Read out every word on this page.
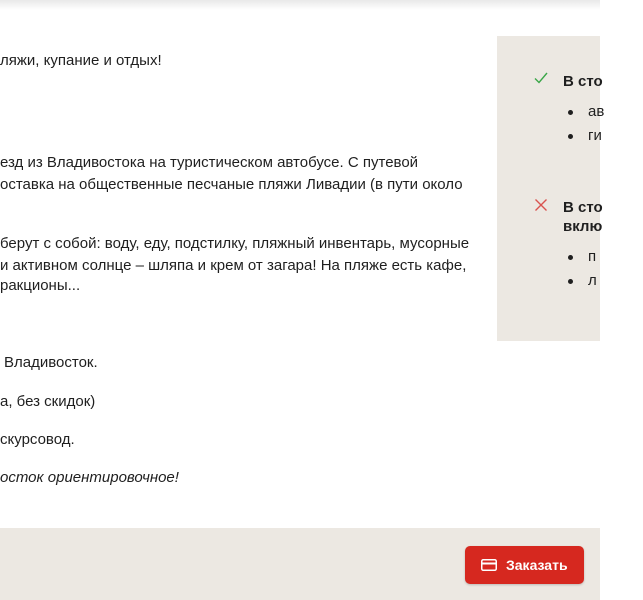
ляжи, купание и отдых!

езд из Владивостока на туристическом автобусе. С путевой

оставка на общественные песчаные пляжи Ливадии (в пути около

берут с собой: воду, еду, подстилку, пляжный инвентарь, мусорные

и активном солнце – шляпа и крем от загара! На пляже есть кафе,

ракционы...

Владивосток.

а, без скидок)

скурсовод.

осток ориентировочное!

В сто
ав
ги
В сто
вклю
п
л
Заказать
